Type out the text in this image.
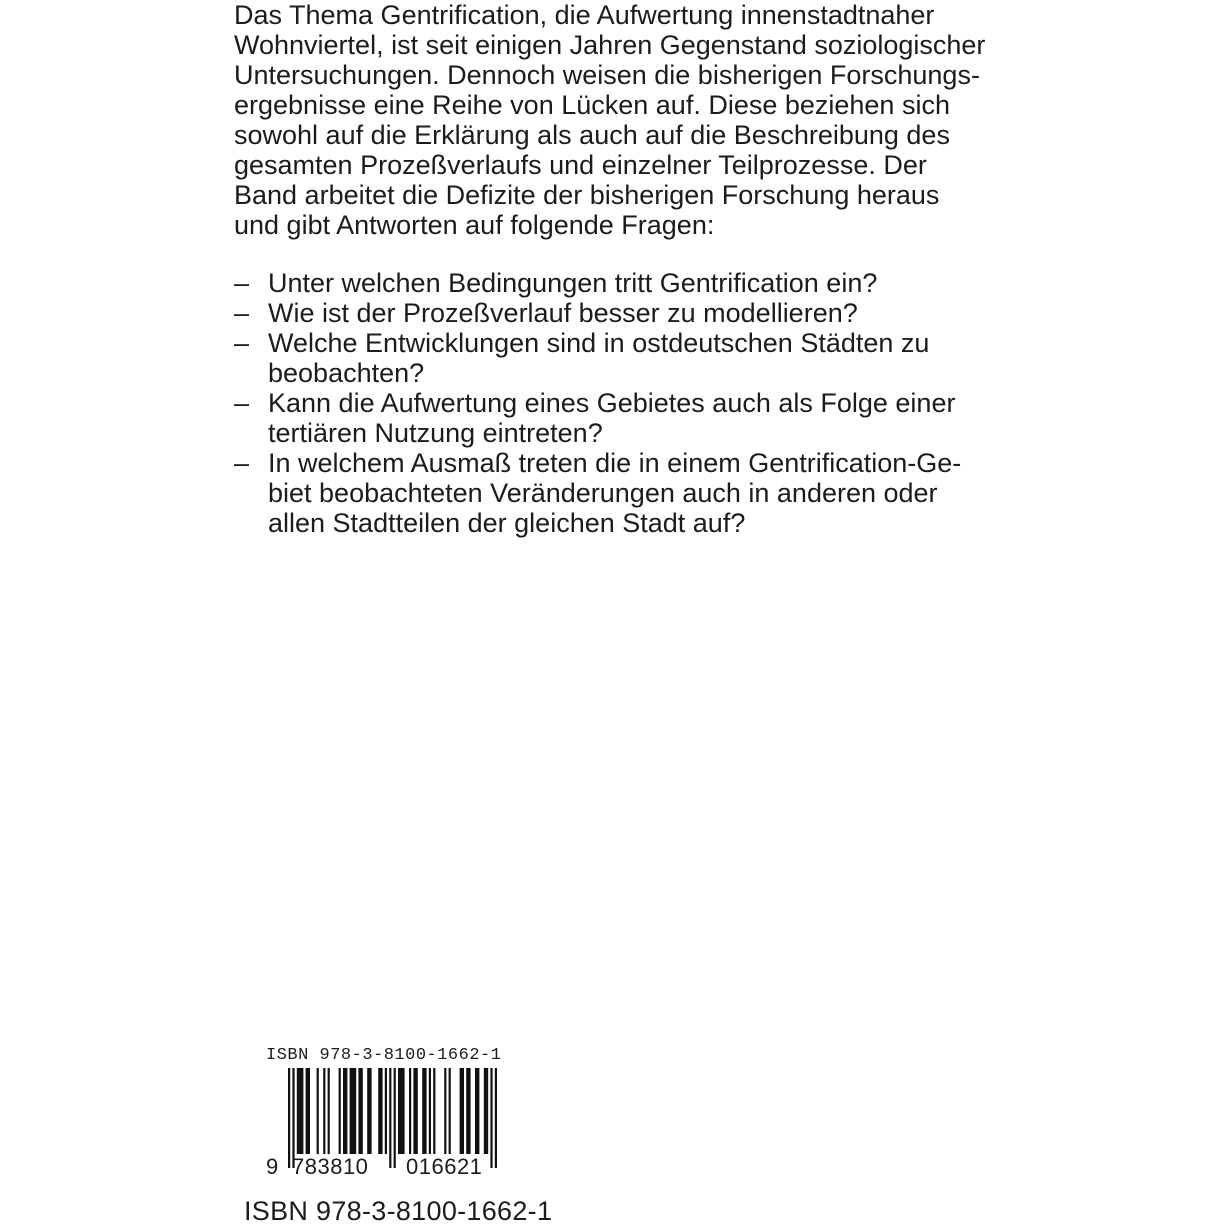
Das Thema Gentrification, die Aufwertung innenstadtnaher
Wohnviertel, ist seit einigen Jahren Gegenstand soziologischer
Untersuchungen. Dennoch weisen die bisherigen Forschungs-
ergebnisse eine Reihe von Lücken auf. Diese beziehen sich
sowohl auf die Erklärung als auch auf die Beschreibung des
gesamten Prozeßverlaufs und einzelner Teilprozesse. Der
Band arbeitet die Defizite der bisherigen Forschung heraus
und gibt Antworten auf folgende Fragen:
– Unter welchen Bedingungen tritt Gentrification ein?
– Wie ist der Prozeßverlauf besser zu modellieren?
– Welche Entwicklungen sind in ostdeutschen Städten zu
beobachten?
– Kann die Aufwertung eines Gebietes auch als Folge einer
tertiären Nutzung eintreten?
– In welchem Ausmaß treten die in einem Gentrification-Ge-
biet beobachteten Veränderungen auch in anderen oder
allen Stadtteilen der gleichen Stadt auf?
ISBN 978-3-8100-1662-1
9 783810 016621
ISBN 978-3-8100-1662-1
